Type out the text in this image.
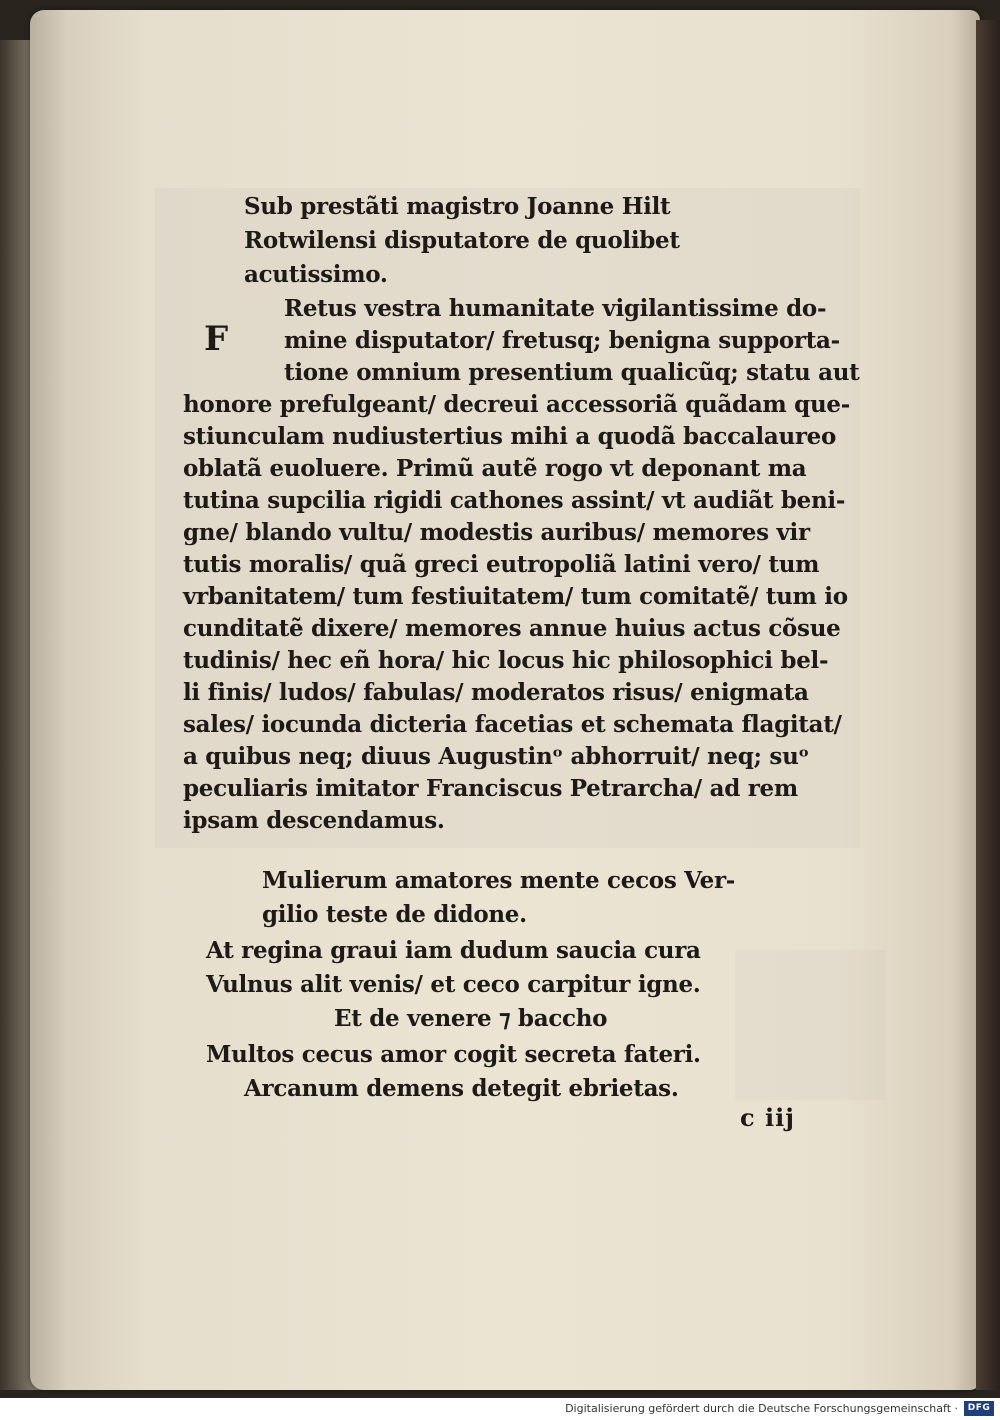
Sub prestãti magistro Joanne Hilt
Rotwilensi disputatore de quolibet
acutissimo.
F
Retus vestra humanitate vigilantissime do-
mine disputator/ fretusq; benigna supporta-
tione omnium presentium qualicũq; statu aut
honore prefulgeant/ decreui accessoriã quãdam que-
stiunculam nudiustertius mihi a quodã baccalaureo
oblatã euoluere. Primũ autẽ rogo vt deponant ma
tutina supcilia rigidi cathones assint/ vt audiãt beni-
gne/ blando vultu/ modestis auribus/ memores vir
tutis moralis/ quã greci eutropoliã latini vero/ tum
vrbanitatem/ tum festiuitatem/ tum comitatẽ/ tum io
cunditatẽ dixere/ memores annue huius actus cõsue
tudinis/ hec eñ hora/ hic locus hic philosophici bel-
li finis/ ludos/ fabulas/ moderatos risus/ enigmata
sales/ iocunda dicteria facetias et schemata flagitat/
a quibus neq; diuus Augustinᵒ abhorruit/ neq; suᵒ
peculiaris imitator Franciscus Petrarcha/ ad rem
ipsam descendamus.
Mulierum amatores mente cecos Ver-
gilio teste de didone.
At regina graui iam dudum saucia cura
Vulnus alit venis/ et ceco carpitur igne.
Et de venere ⁊ baccho
Multos cecus amor cogit secreta fateri.
Arcanum demens detegit ebrietas.
c iij
Digitalisierung gefördert durch die Deutsche Forschungsgemeinschaft ·	DFG
